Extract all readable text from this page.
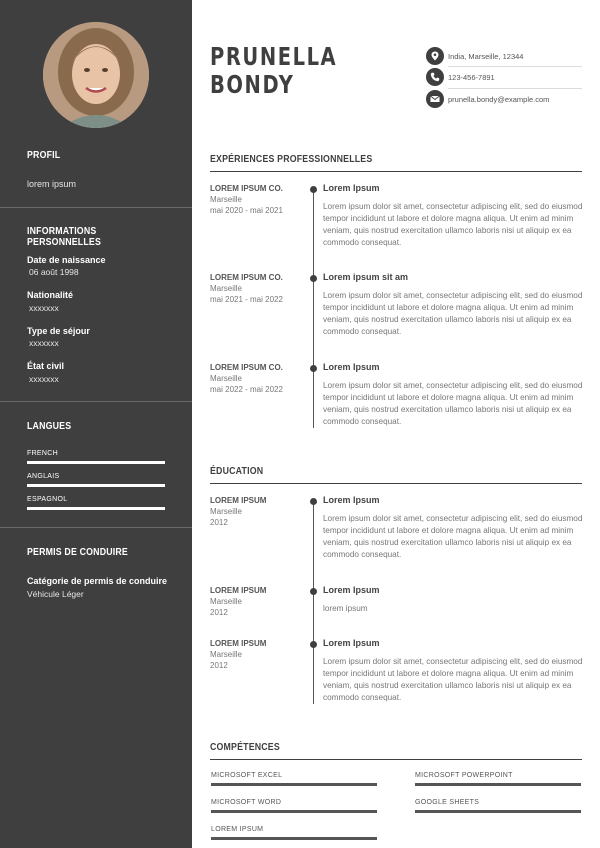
PROFIL
lorem ipsum
INFORMATIONS PERSONNELLES
Date de naissance
06 août 1998
Nationalité
xxxxxxx
Type de séjour
xxxxxxx
État civil
xxxxxxx
LANGUES
FRENCH
ANGLAIS
ESPAGNOL
PERMIS DE CONDUIRE
Catégorie de permis de conduire
Véhicule Léger
PRUNELLA
BONDY
India, Marseille, 12344
123-456-7891
prunella.bondy@example.com
EXPÉRIENCES PROFESSIONNELLES
LOREM IPSUM CO.
Marseille
mai 2020 - mai 2021
Lorem Ipsum
Lorem ipsum dolor sit amet, consectetur adipiscing elit, sed do eiusmod tempor incididunt ut labore et dolore magna aliqua. Ut enim ad minim veniam, quis nostrud exercitation ullamco laboris nisi ut aliquip ex ea commodo consequat.
LOREM IPSUM CO.
Marseille
mai 2021 - mai 2022
Lorem ipsum sit am
Lorem ipsum dolor sit amet, consectetur adipiscing elit, sed do eiusmod tempor incididunt ut labore et dolore magna aliqua. Ut enim ad minim veniam, quis nostrud exercitation ullamco laboris nisi ut aliquip ex ea commodo consequat.
LOREM IPSUM CO.
Marseille
mai 2022 - mai 2022
Lorem Ipsum
Lorem ipsum dolor sit amet, consectetur adipiscing elit, sed do eiusmod tempor incididunt ut labore et dolore magna aliqua. Ut enim ad minim veniam, quis nostrud exercitation ullamco laboris nisi ut aliquip ex ea commodo consequat.
ÉDUCATION
LOREM IPSUM
Marseille
2012
Lorem Ipsum
Lorem ipsum dolor sit amet, consectetur adipiscing elit, sed do eiusmod tempor incididunt ut labore et dolore magna aliqua. Ut enim ad minim veniam, quis nostrud exercitation ullamco laboris nisi ut aliquip ex ea commodo consequat.
LOREM IPSUM
Marseille
2012
Lorem Ipsum
lorem ipsum
LOREM IPSUM
Marseille
2012
Lorem Ipsum
Lorem ipsum dolor sit amet, consectetur adipiscing elit, sed do eiusmod tempor incididunt ut labore et dolore magna aliqua. Ut enim ad minim veniam, quis nostrud exercitation ullamco laboris nisi ut aliquip ex ea commodo consequat.
COMPÉTENCES
MICROSOFT EXCEL	MICROSOFT POWERPOINT
MICROSOFT WORD	GOOGLE SHEETS
LOREM IPSUM
